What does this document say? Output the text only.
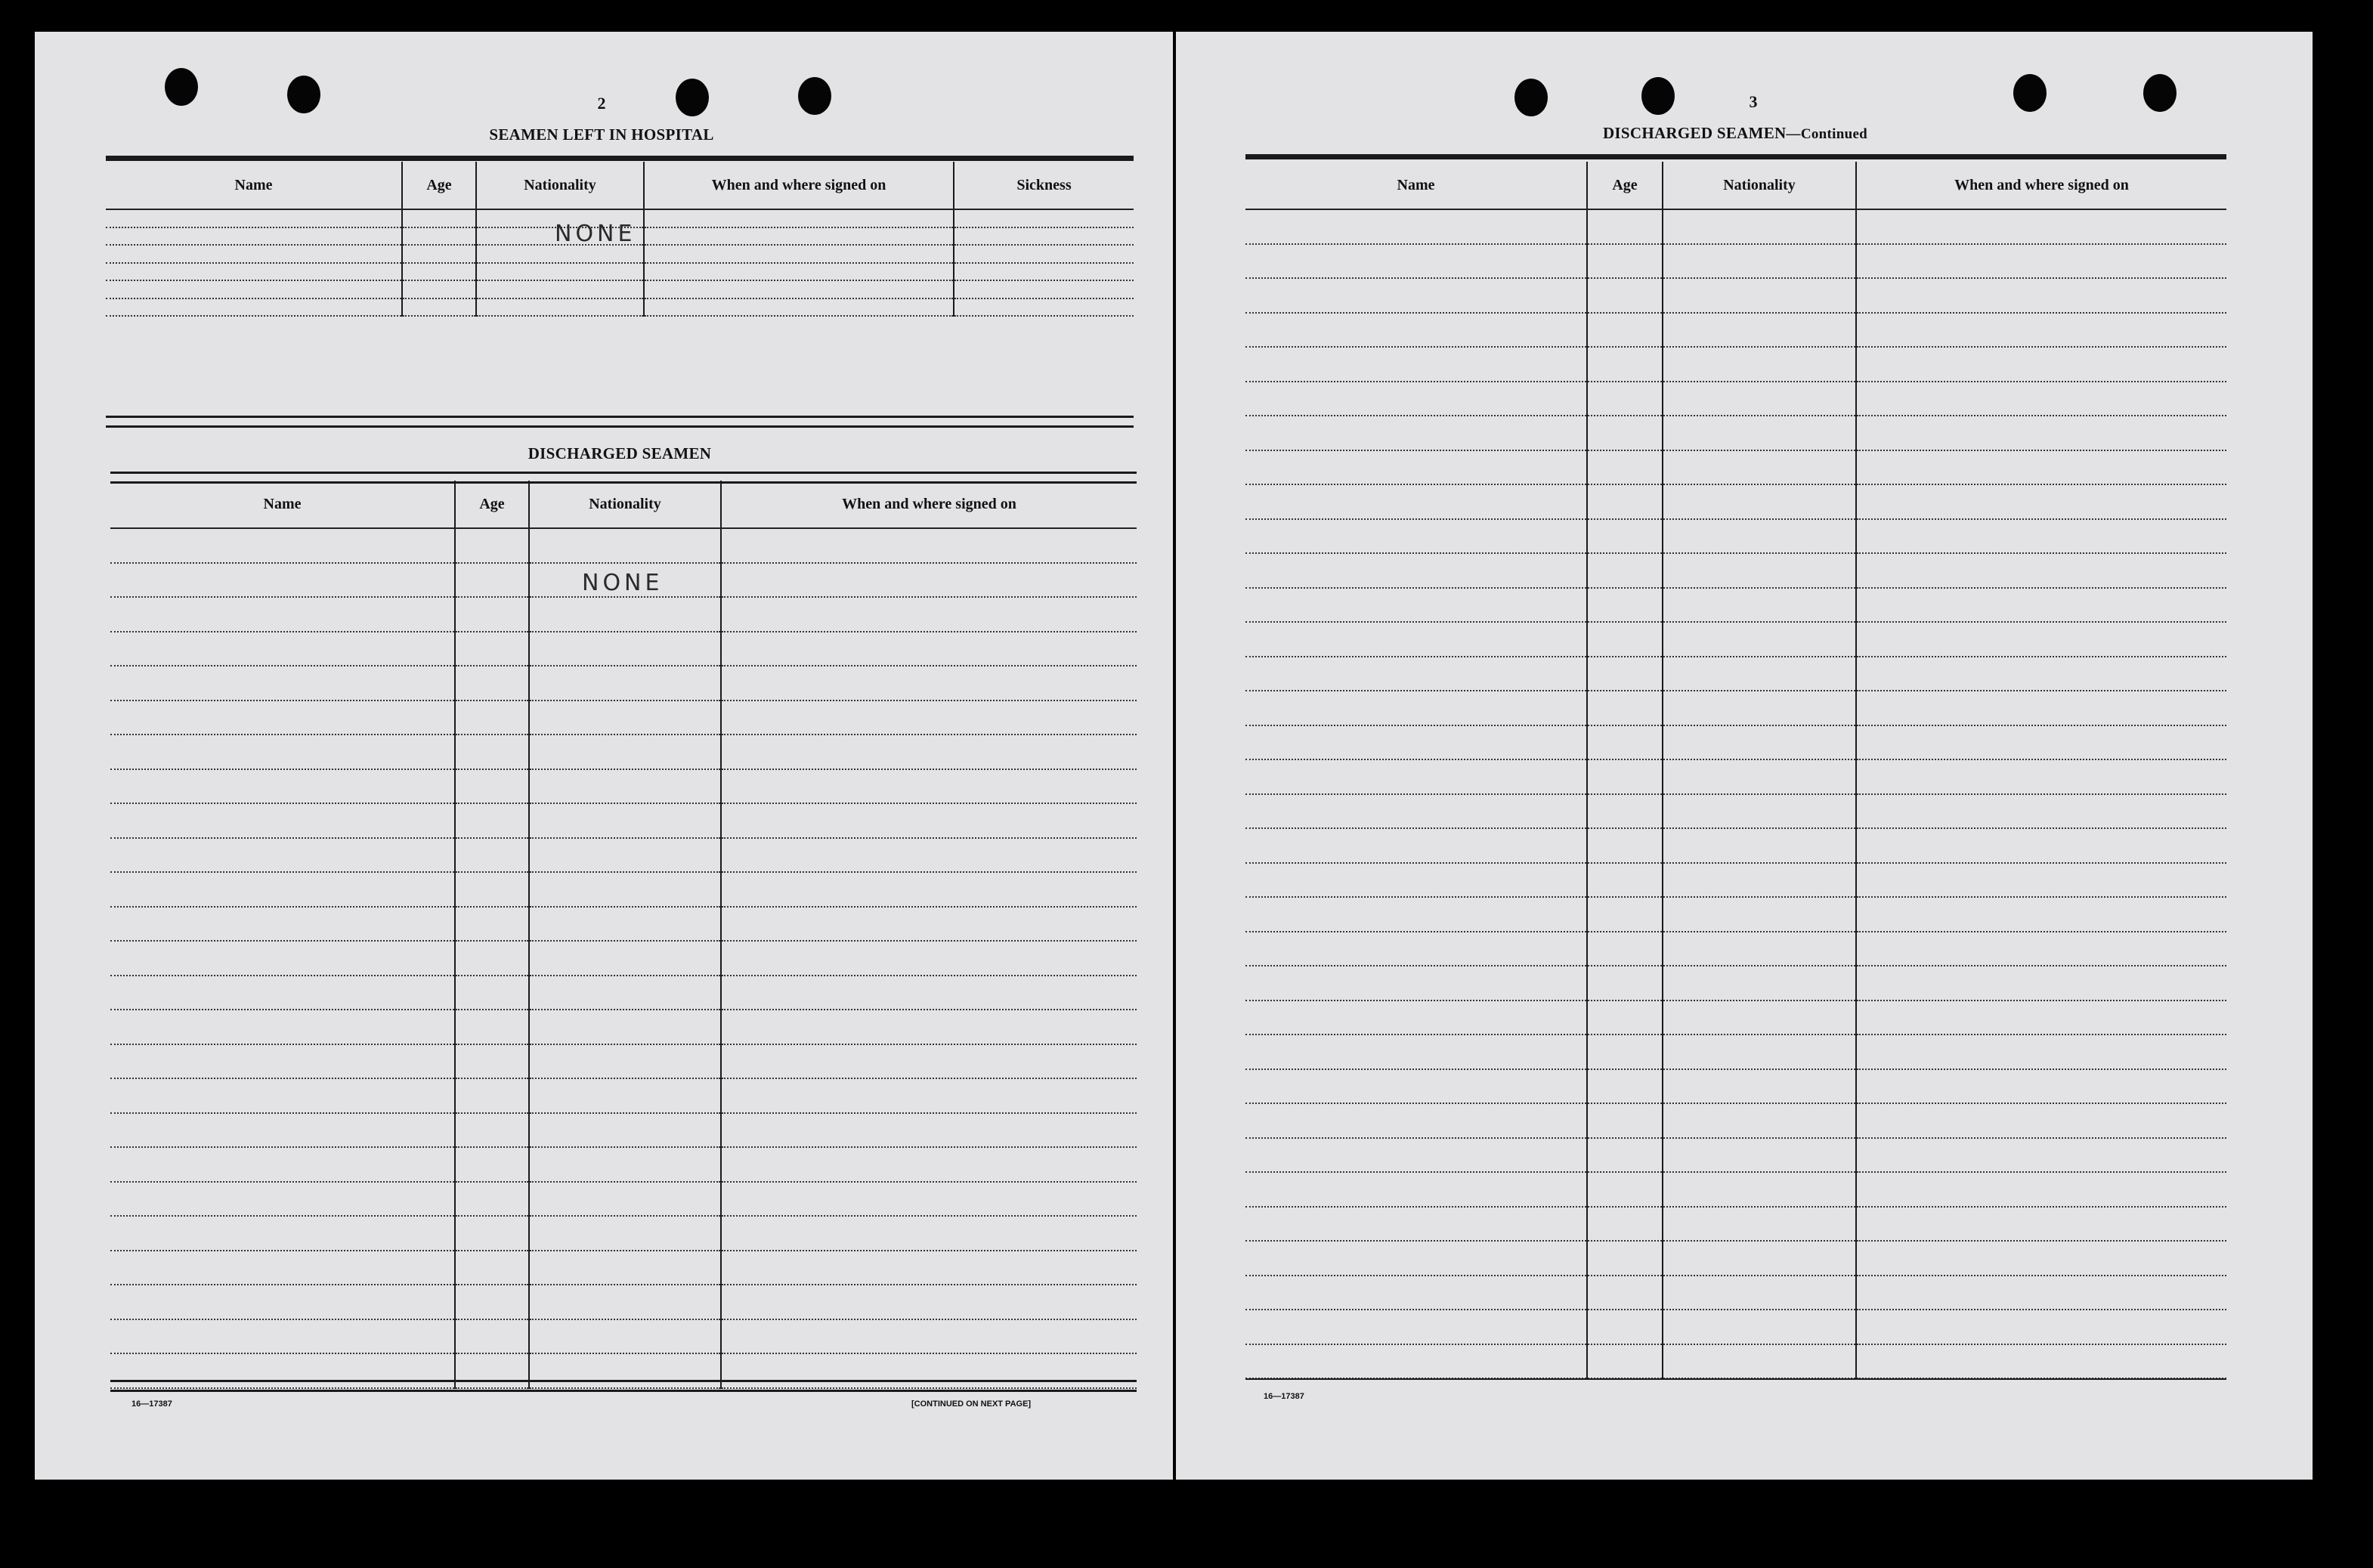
2
SEAMEN LEFT IN HOSPITAL
Name	Age	Nationality	When and where signed on	Sickness

NONE
DISCHARGED SEAMEN
Name	Age	Nationality	When and where signed on

NONE
16—17387	[CONTINUED ON NEXT PAGE]
3
DISCHARGED SEAMEN—Continued
Name	Age	Nationality	When and where signed on

16—17387
